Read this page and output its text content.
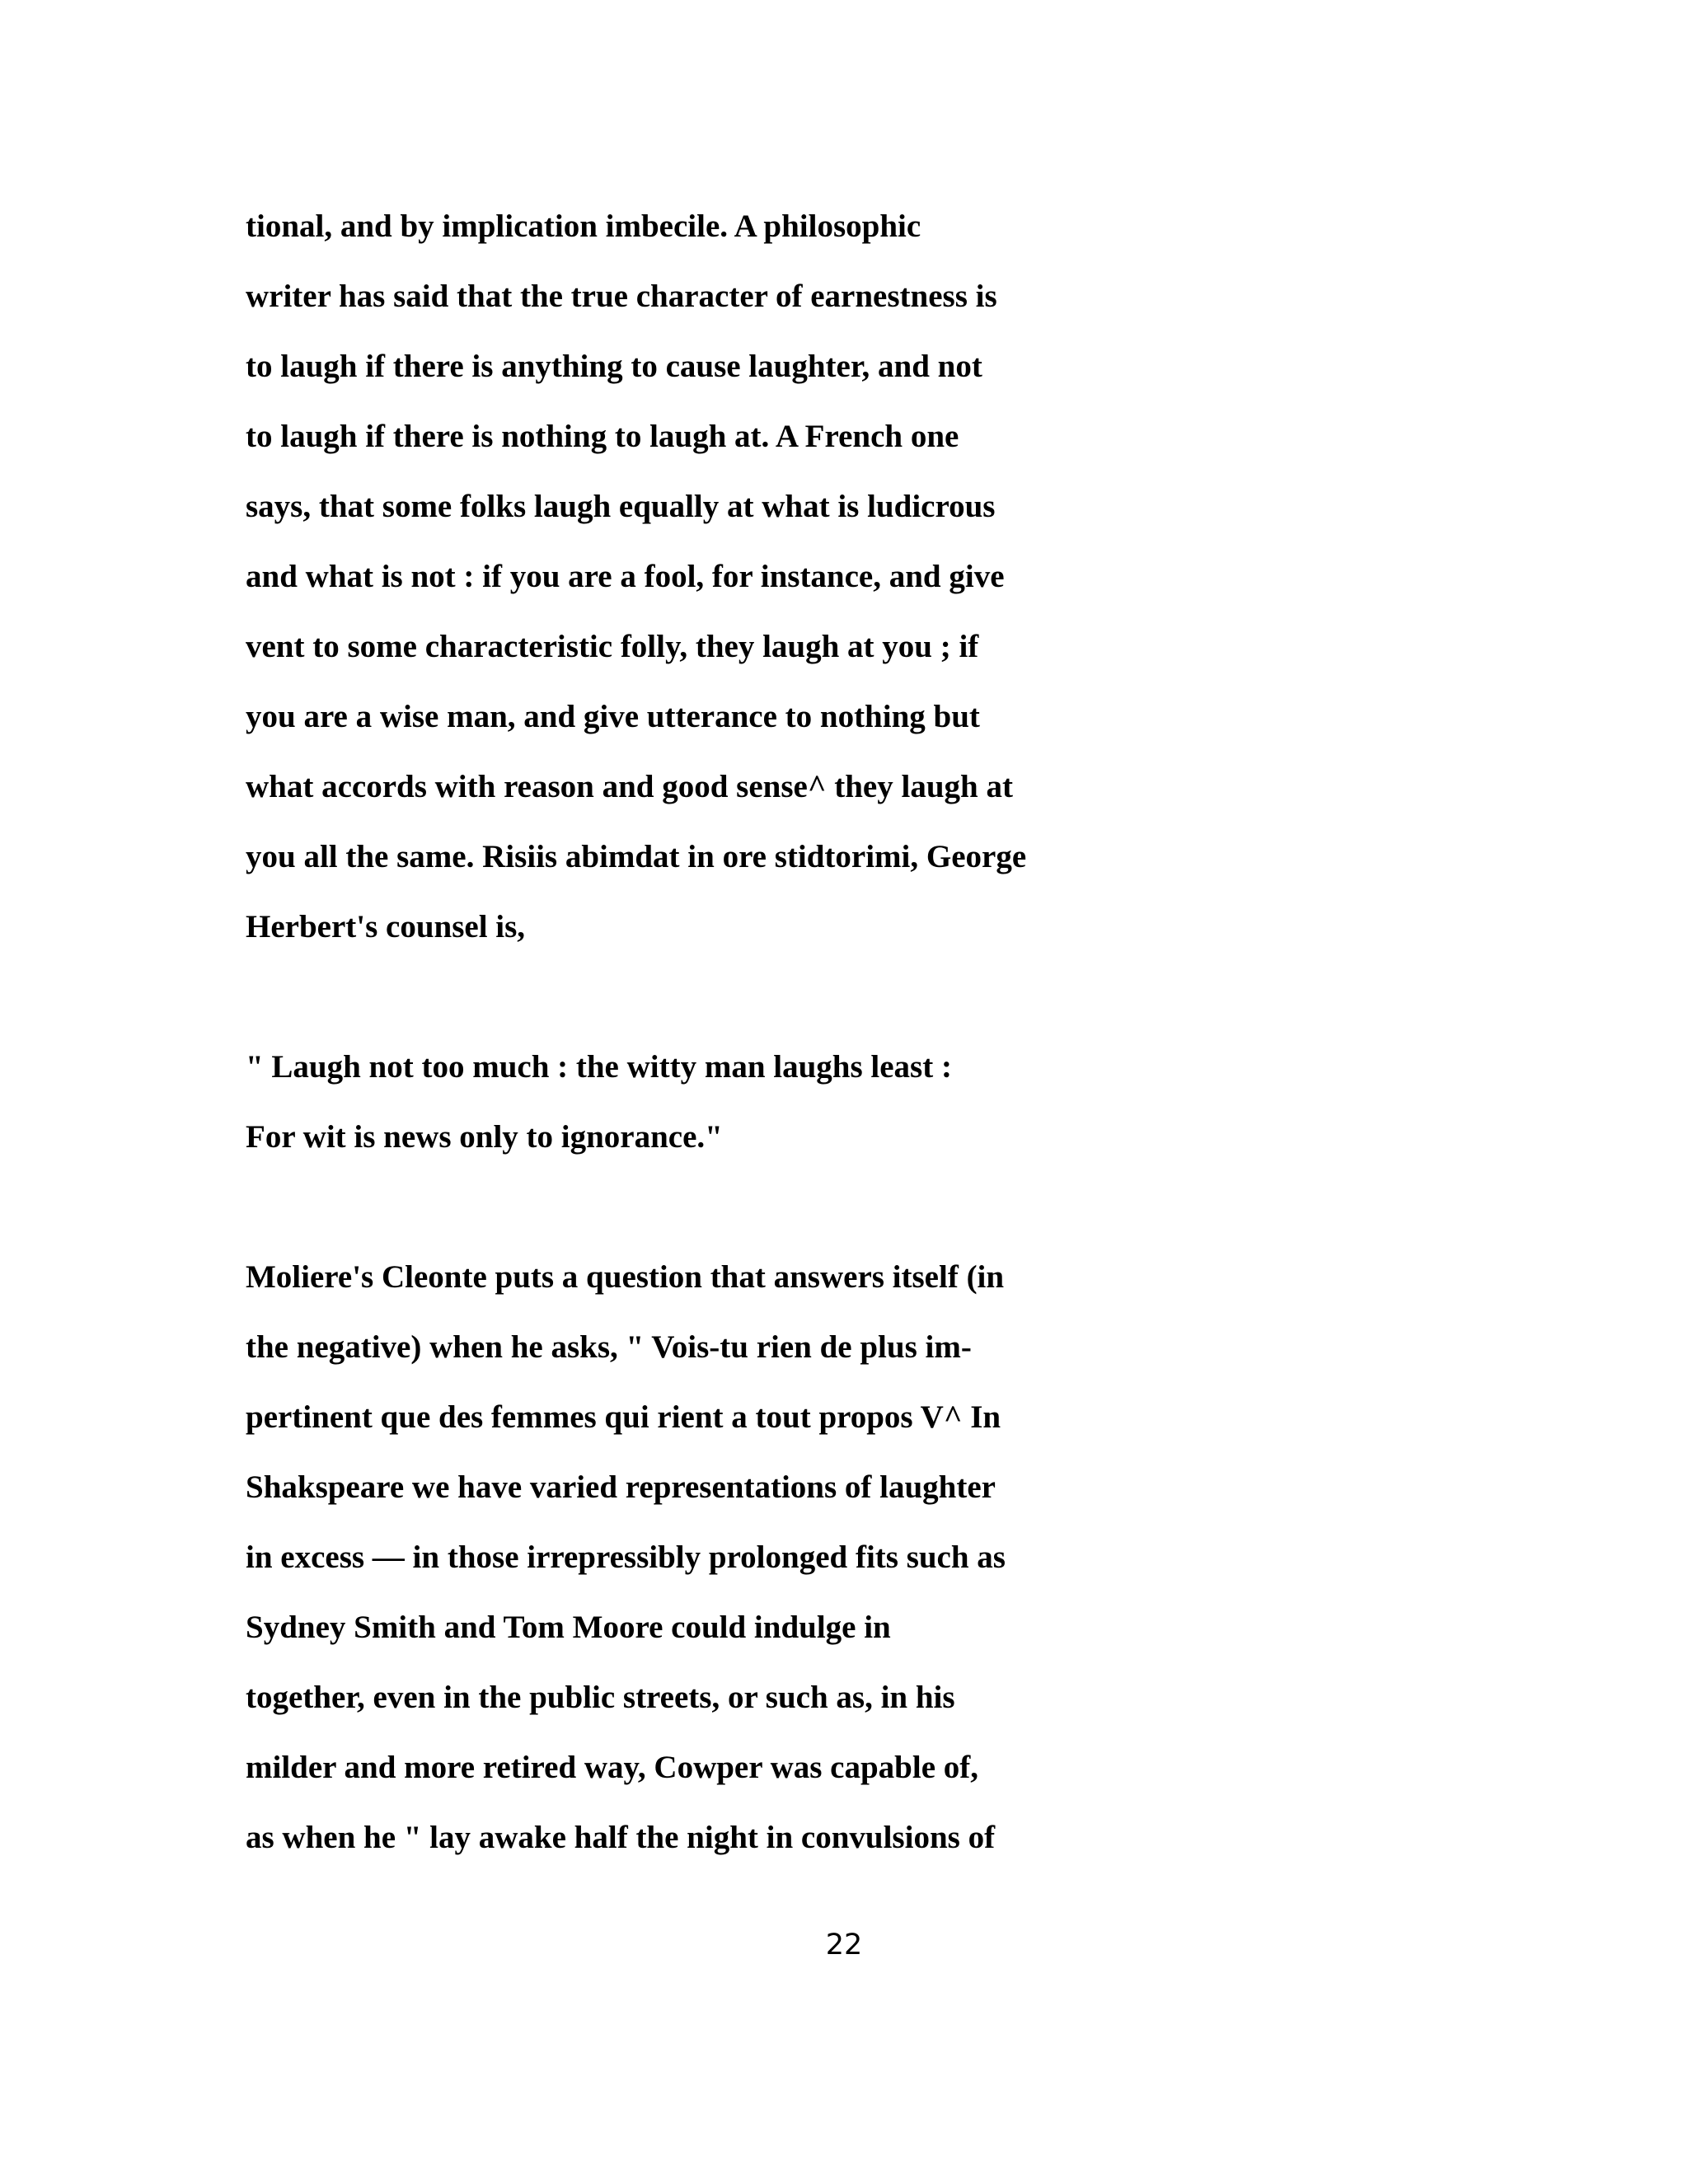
tional, and by implication imbecile. A philosophic
writer has said that the true character of earnestness is
to laugh if there is anything to cause laughter, and not
to laugh if there is nothing to laugh at. A French one
says, that some folks laugh equally at what is ludicrous
and what is not : if you are a fool, for instance, and give
vent to some characteristic folly, they laugh at you ; if
you are a wise man, and give utterance to nothing but
what accords with reason and good sense^ they laugh at
you all the same. Risiis abimdat in ore stidtorimi, George
Herbert's counsel is,
" Laugh not too much : the witty man laughs least :
For wit is news only to ignorance."
Moliere's Cleonte puts a question that answers itself (in
the negative) when he asks, " Vois-tu rien de plus im-
pertinent que des femmes qui rient a tout propos V^ In
Shakspeare we have varied representations of laughter
in excess — in those irrepressibly prolonged fits such as
Sydney Smith and Tom Moore could indulge in
together, even in the public streets, or such as, in his
milder and more retired way, Cowper was capable of,
as when he " lay awake half the night in convulsions of
22
